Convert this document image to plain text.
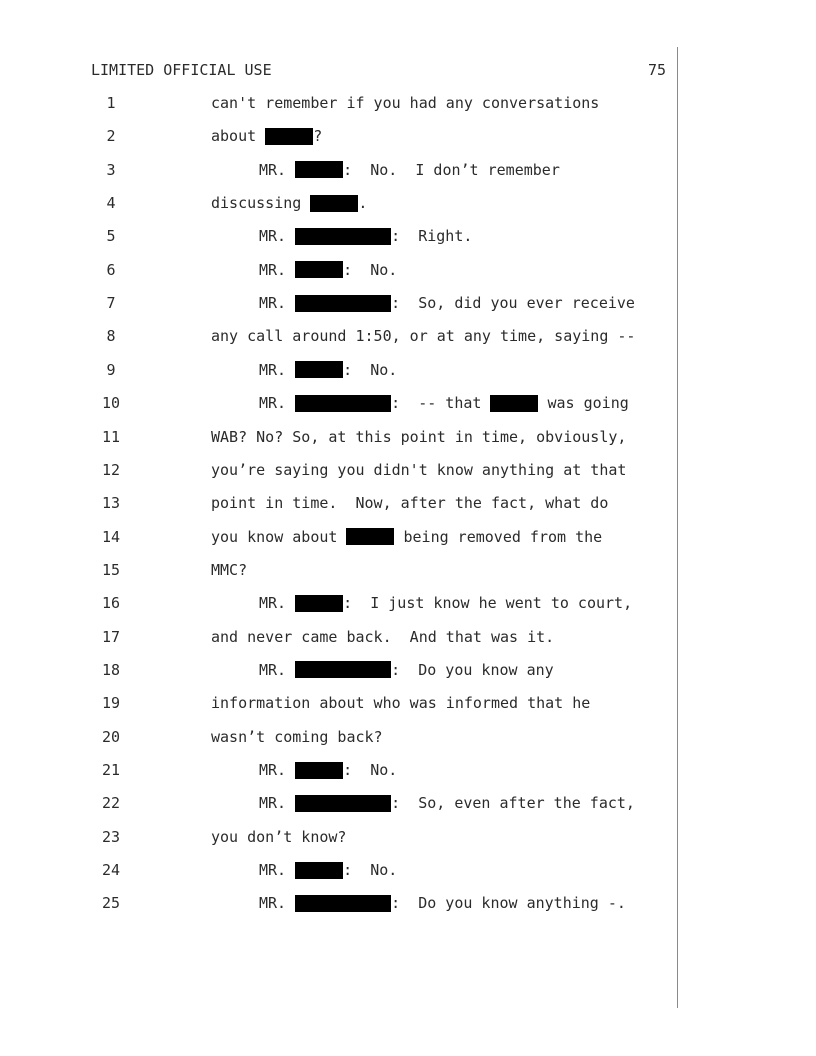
LIMITED OFFICIAL USE	75
1	can't remember if you had any conversations
2	about	?
3	MR.	:  No.  I don’t remember
4	discussing	.
5	MR.	:  Right.
6	MR.	:  No.
7	MR.	:  So, did you ever receive
8	any call around 1:50, or at any time, saying --
9	MR.	:  No.
10	MR.	:  -- that	was going
11	WAB? No? So, at this point in time, obviously,
12	you’re saying you didn't know anything at that
13	point in time.  Now, after the fact, what do
14	you know about	being removed from the
15	MMC?
16	MR.	:  I just know he went to court,
17	and never came back.  And that was it.
18	MR.	:  Do you know any
19	information about who was informed that he
20	wasn’t coming back?
21	MR.	:  No.
22	MR.	:  So, even after the fact,
23	you don’t know?
24	MR.	:  No.
25	MR.	:  Do you know anything -.
